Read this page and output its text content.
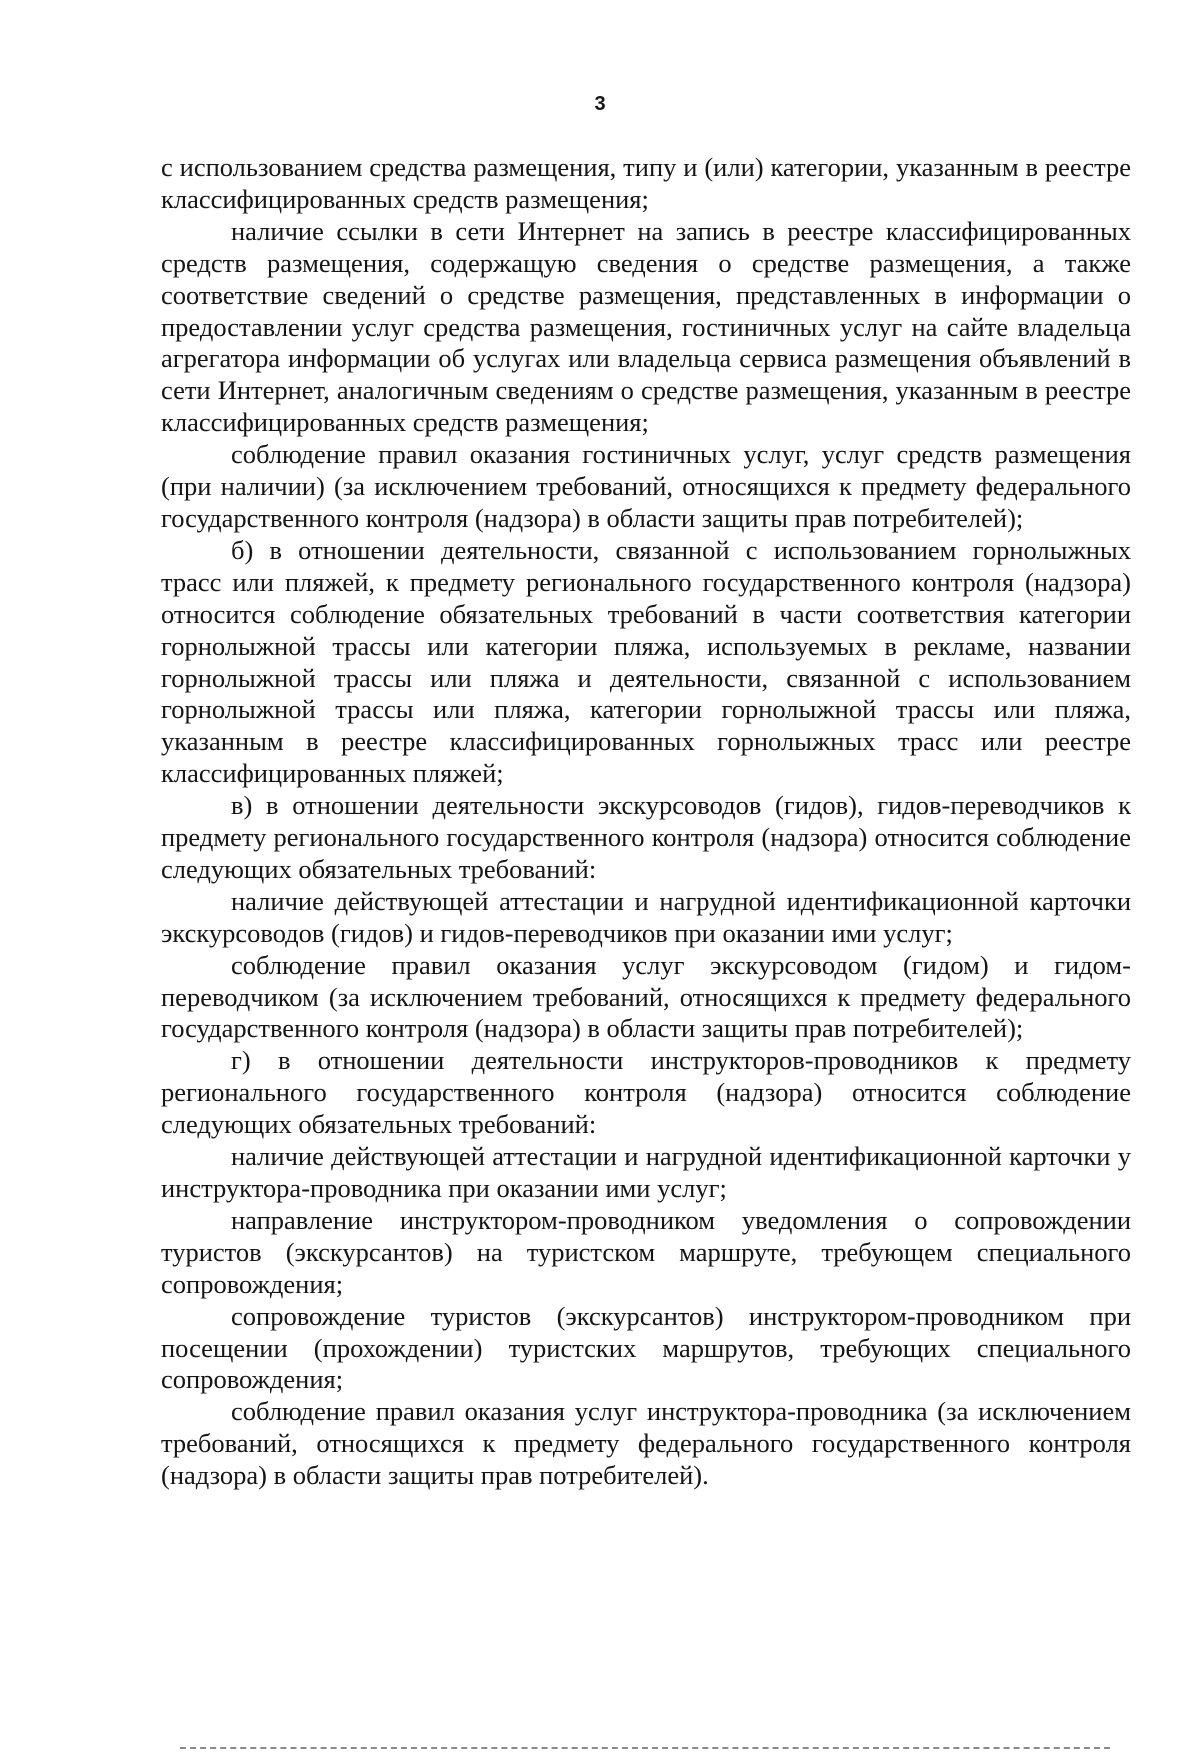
3

с использованием средства размещения, типу и (или) категории, указанным в реестре классифицированных средств размещения;

наличие ссылки в сети Интернет на запись в реестре классифицированных средств размещения, содержащую сведения о средстве размещения, а также соответствие сведений о средстве размещения, представленных в информации о предоставлении услуг средства размещения, гостиничных услуг на сайте владельца агрегатора информации об услугах или владельца сервиса размещения объявлений в сети Интернет, аналогичным сведениям о средстве размещения, указанным в реестре классифицированных средств размещения;

соблюдение правил оказания гостиничных услуг, услуг средств размещения (при наличии) (за исключением требований, относящихся к предмету федерального государственного контроля (надзора) в области защиты прав потребителей);

б) в отношении деятельности, связанной с использованием горнолыжных трасс или пляжей, к предмету регионального государственного контроля (надзора) относится соблюдение обязательных требований в части соответствия категории горнолыжной трассы или категории пляжа, используемых в рекламе, названии горнолыжной трассы или пляжа и деятельности, связанной с использованием горнолыжной трассы или пляжа, категории горнолыжной трассы или пляжа, указанным в реестре классифицированных горнолыжных трасс или реестре классифицированных пляжей;

в) в отношении деятельности экскурсоводов (гидов), гидов-переводчиков к предмету регионального государственного контроля (надзора) относится соблюдение следующих обязательных требований:

наличие действующей аттестации и нагрудной идентификационной карточки экскурсоводов (гидов) и гидов-переводчиков при оказании ими услуг;

соблюдение правил оказания услуг экскурсоводом (гидом) и гидом-переводчиком (за исключением требований, относящихся к предмету федерального государственного контроля (надзора) в области защиты прав потребителей);

г) в отношении деятельности инструкторов-проводников к предмету регионального государственного контроля (надзора) относится соблюдение следующих обязательных требований:

наличие действующей аттестации и нагрудной идентификационной карточки у инструктора-проводника при оказании ими услуг;

направление инструктором-проводником уведомления о сопровождении туристов (экскурсантов) на туристском маршруте, требующем специального сопровождения;

сопровождение туристов (экскурсантов) инструктором-проводником при посещении (прохождении) туристских маршрутов, требующих специального сопровождения;

соблюдение правил оказания услуг инструктора-проводника (за исключением требований, относящихся к предмету федерального государственного контроля (надзора) в области защиты прав потребителей).
